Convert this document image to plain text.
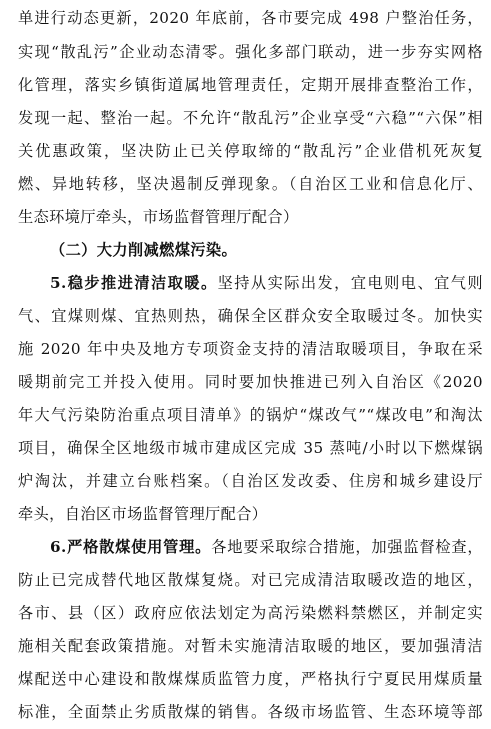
单进行动态更新，2020 年底前，各市要完成 498 户整治任务，
实现“散乱污”企业动态清零。强化多部门联动，进一步夯实网格
化管理，落实乡镇街道属地管理责任，定期开展排查整治工作，
发现一起、整治一起。不允许“散乱污”企业享受“六稳”“六保”相
关优惠政策，坚决防止已关停取缔的“散乱污”企业借机死灰复
燃、异地转移，坚决遏制反弹现象。（自治区工业和信息化厅、
生态环境厅牵头，市场监督管理厅配合）
（二）大力削减燃煤污染。
5.稳步推进清洁取暖。坚持从实际出发，宜电则电、宜气则
气、宜煤则煤、宜热则热，确保全区群众安全取暖过冬。加快实
施 2020 年中央及地方专项资金支持的清洁取暖项目，争取在采
暖期前完工并投入使用。同时要加快推进已列入自治区《2020
年大气污染防治重点项目清单》的锅炉“煤改气”“煤改电”和淘汰
项目，确保全区地级市城市建成区完成 35 蒸吨/小时以下燃煤锅
炉淘汰，并建立台账档案。（自治区发改委、住房和城乡建设厅
牵头，自治区市场监督管理厅配合）
6.严格散煤使用管理。各地要采取综合措施，加强监督检查，
防止已完成替代地区散煤复烧。对已完成清洁取暖改造的地区，
各市、县（区）政府应依法划定为高污染燃料禁燃区，并制定实
施相关配套政策措施。对暂未实施清洁取暖的地区，要加强清洁
煤配送中心建设和散煤煤质监管力度，严格执行宁夏民用煤质量
标准，全面禁止劣质散煤的销售。各级市场监管、生态环境等部
